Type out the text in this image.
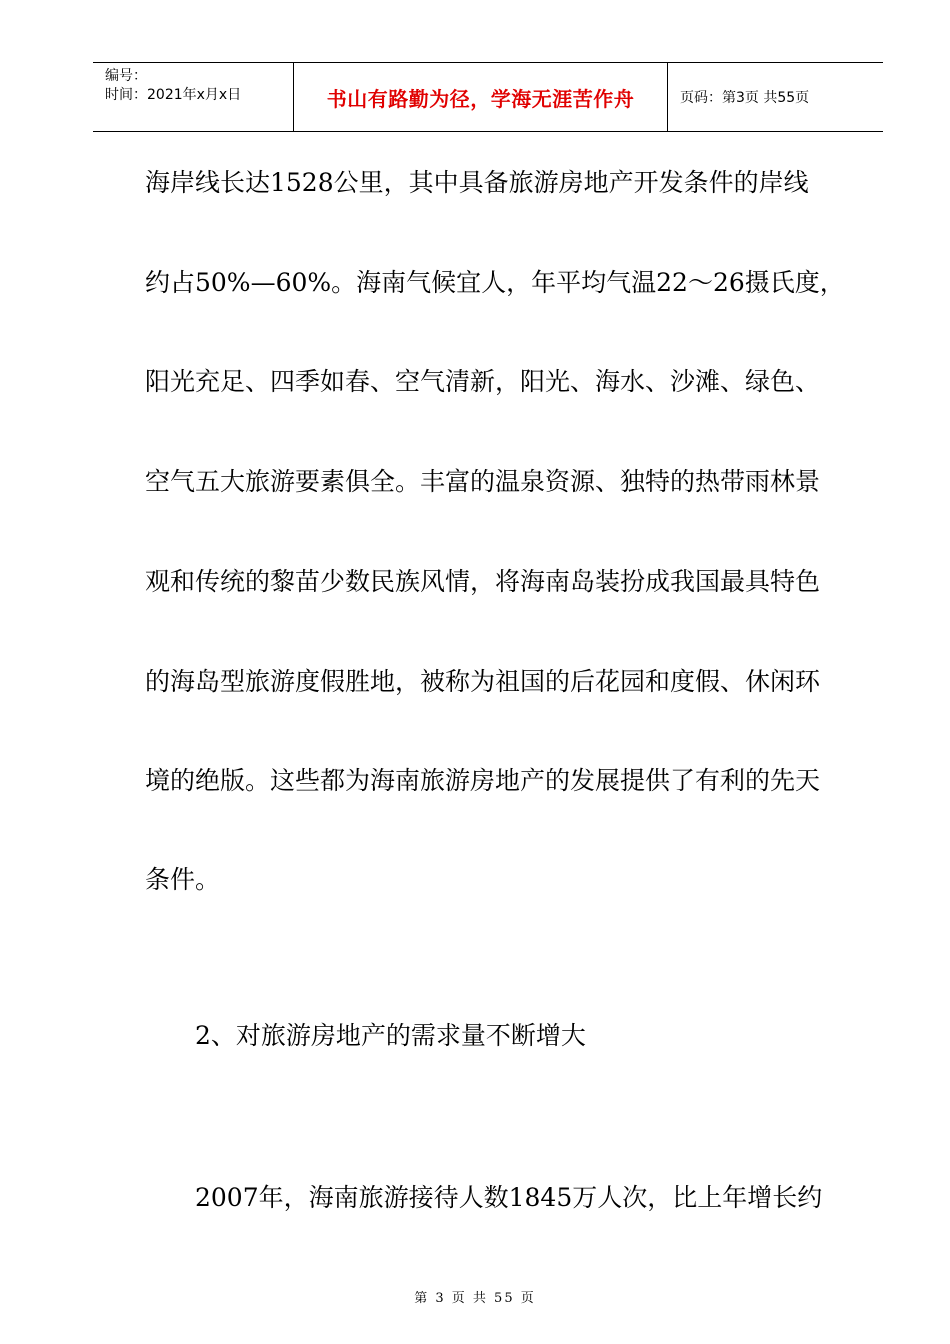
编号：
时间：2021年x月x日	书山有路勤为径，学海无涯苦作舟	页码：第3页 共55页
海岸线长达1528公里，其中具备旅游房地产开发条件的岸线
约占50%—60%。海南气候宜人，年平均气温22～26摄氏度，
阳光充足、四季如春、空气清新，阳光、海水、沙滩、绿色、
空气五大旅游要素俱全。丰富的温泉资源、独特的热带雨林景
观和传统的黎苗少数民族风情，将海南岛装扮成我国最具特色
的海岛型旅游度假胜地，被称为祖国的后花园和度假、休闲环
境的绝版。这些都为海南旅游房地产的发展提供了有利的先天
条件。
2、对旅游房地产的需求量不断增大
2007年，海南旅游接待人数1845万人次，比上年增长约
第 3 页 共 55 页
